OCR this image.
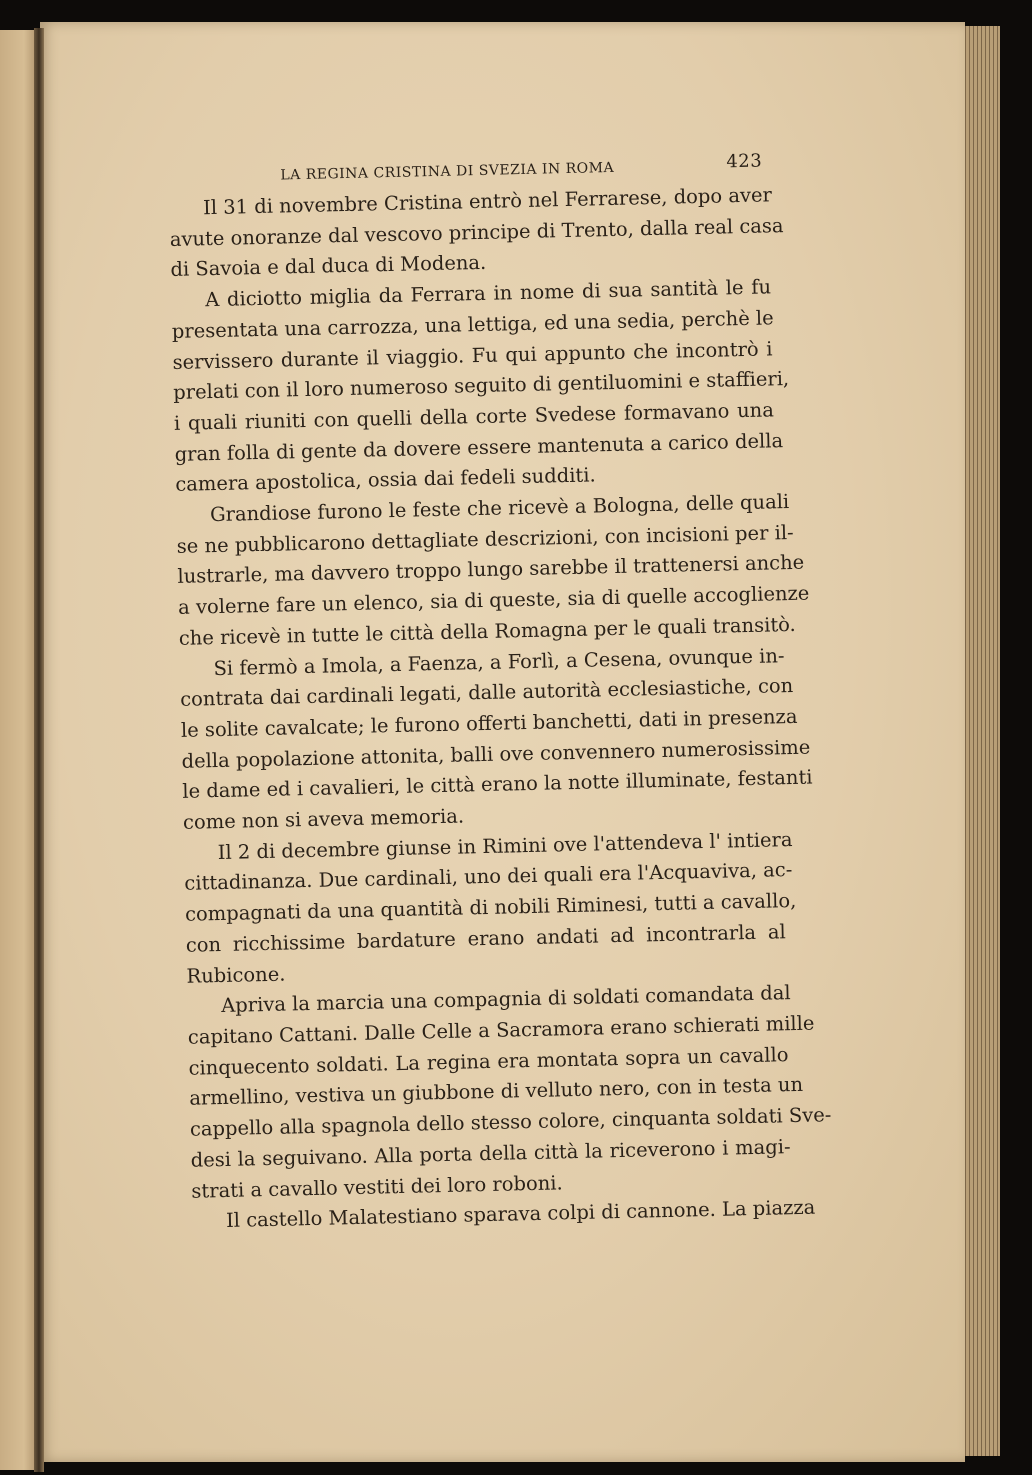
LA REGINA CRISTINA DI SVEZIA IN ROMA	423
Il 31 di novembre Cristina entrò nel Ferrarese, dopo aver
avute onoranze dal vescovo principe di Trento, dalla real casa
di Savoia e dal duca di Modena.
A diciotto miglia da Ferrara in nome di sua santità le fu
presentata una carrozza, una lettiga, ed una sedia, perchè le
servissero durante il viaggio. Fu qui appunto che incontrò i
prelati con il loro numeroso seguito di gentiluomini e staffieri,
i quali riuniti con quelli della corte Svedese formavano una
gran folla di gente da dovere essere mantenuta a carico della
camera apostolica, ossia dai fedeli sudditi.
Grandiose furono le feste che ricevè a Bologna, delle quali
se ne pubblicarono dettagliate descrizioni, con incisioni per il-
lustrarle, ma davvero troppo lungo sarebbe il trattenersi anche
a volerne fare un elenco, sia di queste, sia di quelle accoglienze
che ricevè in tutte le città della Romagna per le quali transitò.
Si fermò a Imola, a Faenza, a Forlì, a Cesena, ovunque in-
contrata dai cardinali legati, dalle autorità ecclesiastiche, con
le solite cavalcate; le furono offerti banchetti, dati in presenza
della popolazione attonita, balli ove convennero numerosissime
le dame ed i cavalieri, le città erano la notte illuminate, festanti
come non si aveva memoria.
Il 2 di decembre giunse in Rimini ove l'attendeva l' intiera
cittadinanza. Due cardinali, uno dei quali era l'Acquaviva, ac-
compagnati da una quantità di nobili Riminesi, tutti a cavallo,
con ricchissime bardature erano andati ad incontrarla al
Rubicone.
Apriva la marcia una compagnia di soldati comandata dal
capitano Cattani. Dalle Celle a Sacramora erano schierati mille
cinquecento soldati. La regina era montata sopra un cavallo
armellino, vestiva un giubbone di velluto nero, con in testa un
cappello alla spagnola dello stesso colore, cinquanta soldati Sve-
desi la seguivano. Alla porta della città la riceverono i magi-
strati a cavallo vestiti dei loro roboni.
Il castello Malatestiano sparava colpi di cannone. La piazza
